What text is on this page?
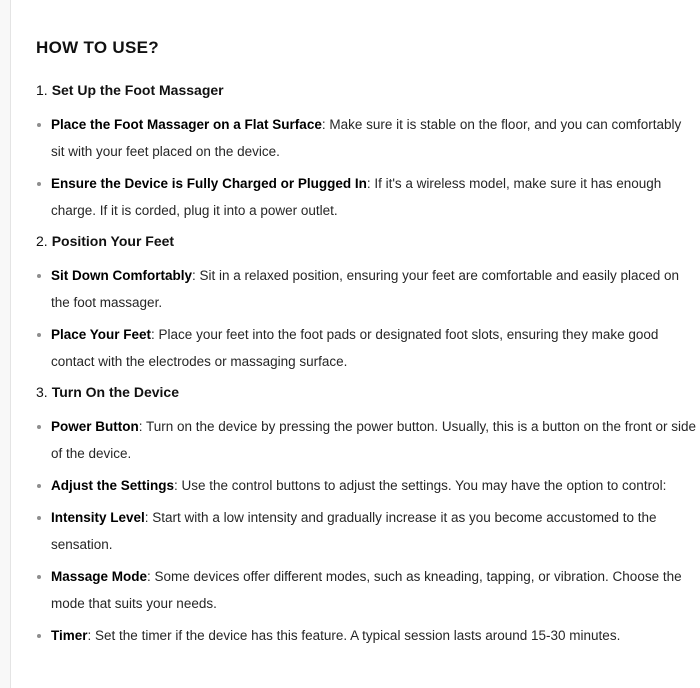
HOW TO USE?
1. Set Up the Foot Massager

Place the Foot Massager on a Flat Surface: Make sure it is stable on the floor, and you can comfortably sit with your feet placed on the device.

Ensure the Device is Fully Charged or Plugged In: If it's a wireless model, make sure it has enough charge. If it is corded, plug it into a power outlet.

2. Position Your Feet

Sit Down Comfortably: Sit in a relaxed position, ensuring your feet are comfortable and easily placed on the foot massager.

Place Your Feet: Place your feet into the foot pads or designated foot slots, ensuring they make good contact with the electrodes or massaging surface.

3. Turn On the Device

Power Button: Turn on the device by pressing the power button. Usually, this is a button on the front or side of the device.

Adjust the Settings: Use the control buttons to adjust the settings. You may have the option to control:

Intensity Level: Start with a low intensity and gradually increase it as you become accustomed to the sensation.

Massage Mode: Some devices offer different modes, such as kneading, tapping, or vibration. Choose the mode that suits your needs.

Timer: Set the timer if the device has this feature. A typical session lasts around 15-30 minutes.
